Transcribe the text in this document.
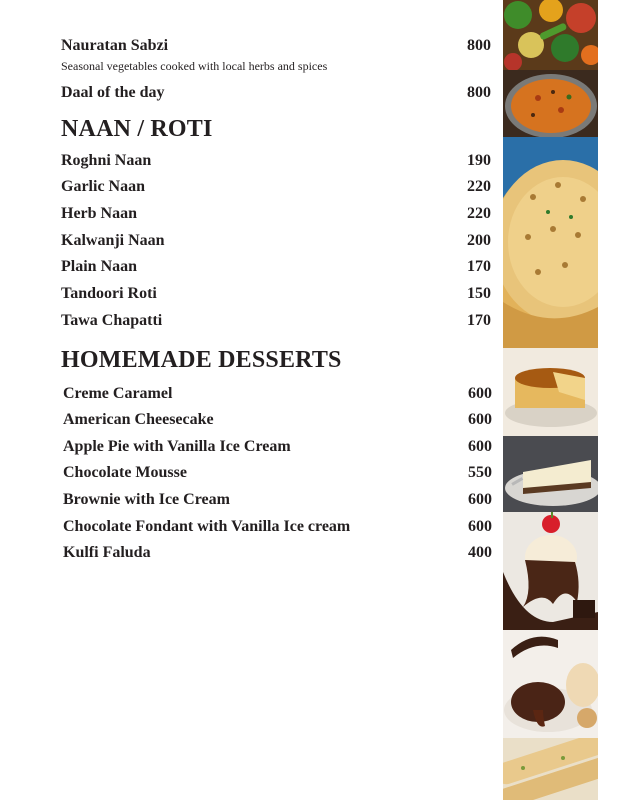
Nauratan Sabzi	800
Seasonal vegetables cooked with local herbs and spices
Daal of the day	800
NAAN / ROTI
Roghni Naan	190
Garlic Naan	220
Herb Naan	220
Kalwanji Naan	200
Plain Naan	170
Tandoori Roti	150
Tawa Chapatti	170
HOMEMADE DESSERTS
Creme Caramel	600
American Cheesecake	600
Apple Pie with Vanilla Ice Cream	600
Chocolate Mousse	550
Brownie with Ice Cream	600
Chocolate Fondant with Vanilla Ice cream	600
Kulfi Faluda	400
